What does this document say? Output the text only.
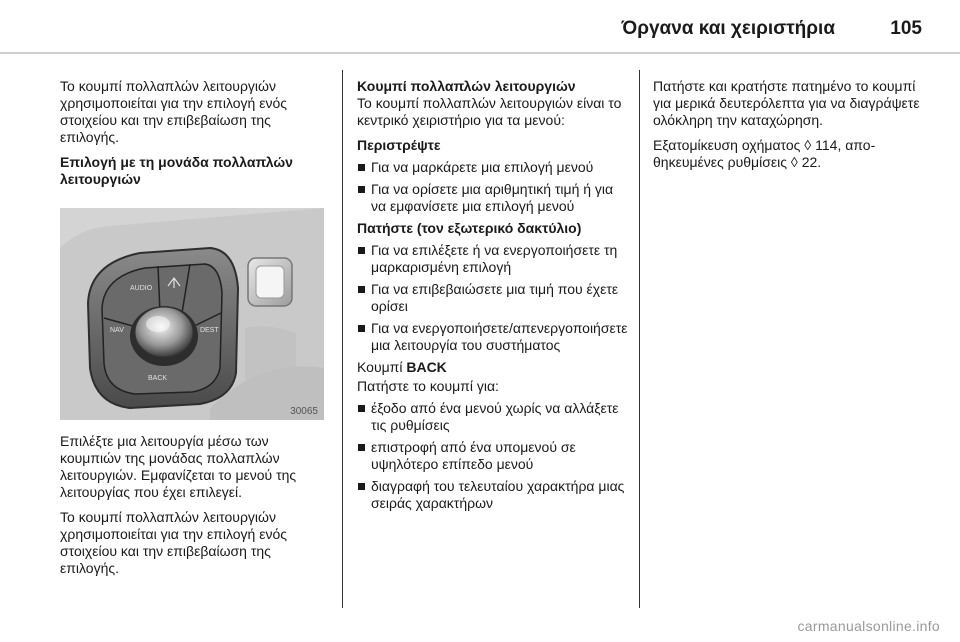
Όργανα και χειριστήρια	105

Το κουμπί πολλαπλών λειτουργιών χρησιμοποιείται για την επιλογή ενός στοιχείου και την επιβεβαίωση της επιλογής.

Επιλογή με τη μονάδα πολλαπλών λειτουργιών

AUDIO
NAV	DEST
BACK
30065

Επιλέξτε μια λειτουργία μέσω των κουμπιών της μονάδας πολλαπλών λειτουργιών. Εμφανίζεται το μενού της λειτουργίας που έχει επιλεγεί.

Το κουμπί πολλαπλών λειτουργιών χρησιμοποιείται για την επιλογή ενός στοιχείου και την επιβεβαίωση της επιλογής.

Κουμπί πολλαπλών λειτουργιών

Το κουμπί πολλαπλών λειτουργιών είναι το κεντρικό χειριστήριο για τα μενού:

Περιστρέψτε

Για να μαρκάρετε μια επιλογή μενού
Για να ορίσετε μια αριθμητική τιμή ή για να εμφανίσετε μια επιλογή μενού

Πατήστε (τον εξωτερικό δακτύλιο)

Για να επιλέξετε ή να ενεργοποιήσετε τη μαρκαρισμένη επιλογή
Για να επιβεβαιώσετε μια τιμή που έχετε ορίσει
Για να ενεργοποιήσετε/απενεργοποιήσετε μια λειτουργία του συστήματος

Κουμπί BACK

Πατήστε το κουμπί για:

έξοδο από ένα μενού χωρίς να αλλάξετε τις ρυθμίσεις
επιστροφή από ένα υπομενού σε υψηλότερο επίπεδο μενού
διαγραφή του τελευταίου χαρακτήρα μιας σειράς χαρακτήρων

Πατήστε και κρατήστε πατημένο το κουμπί για μερικά δευτερόλεπτα για να διαγράψετε ολόκληρη την καταχώρηση.

Εξατομίκευση οχήματος ◊ 114, αποθηκευμένες ρυθμίσεις ◊ 22.

carmanualsonline.info
